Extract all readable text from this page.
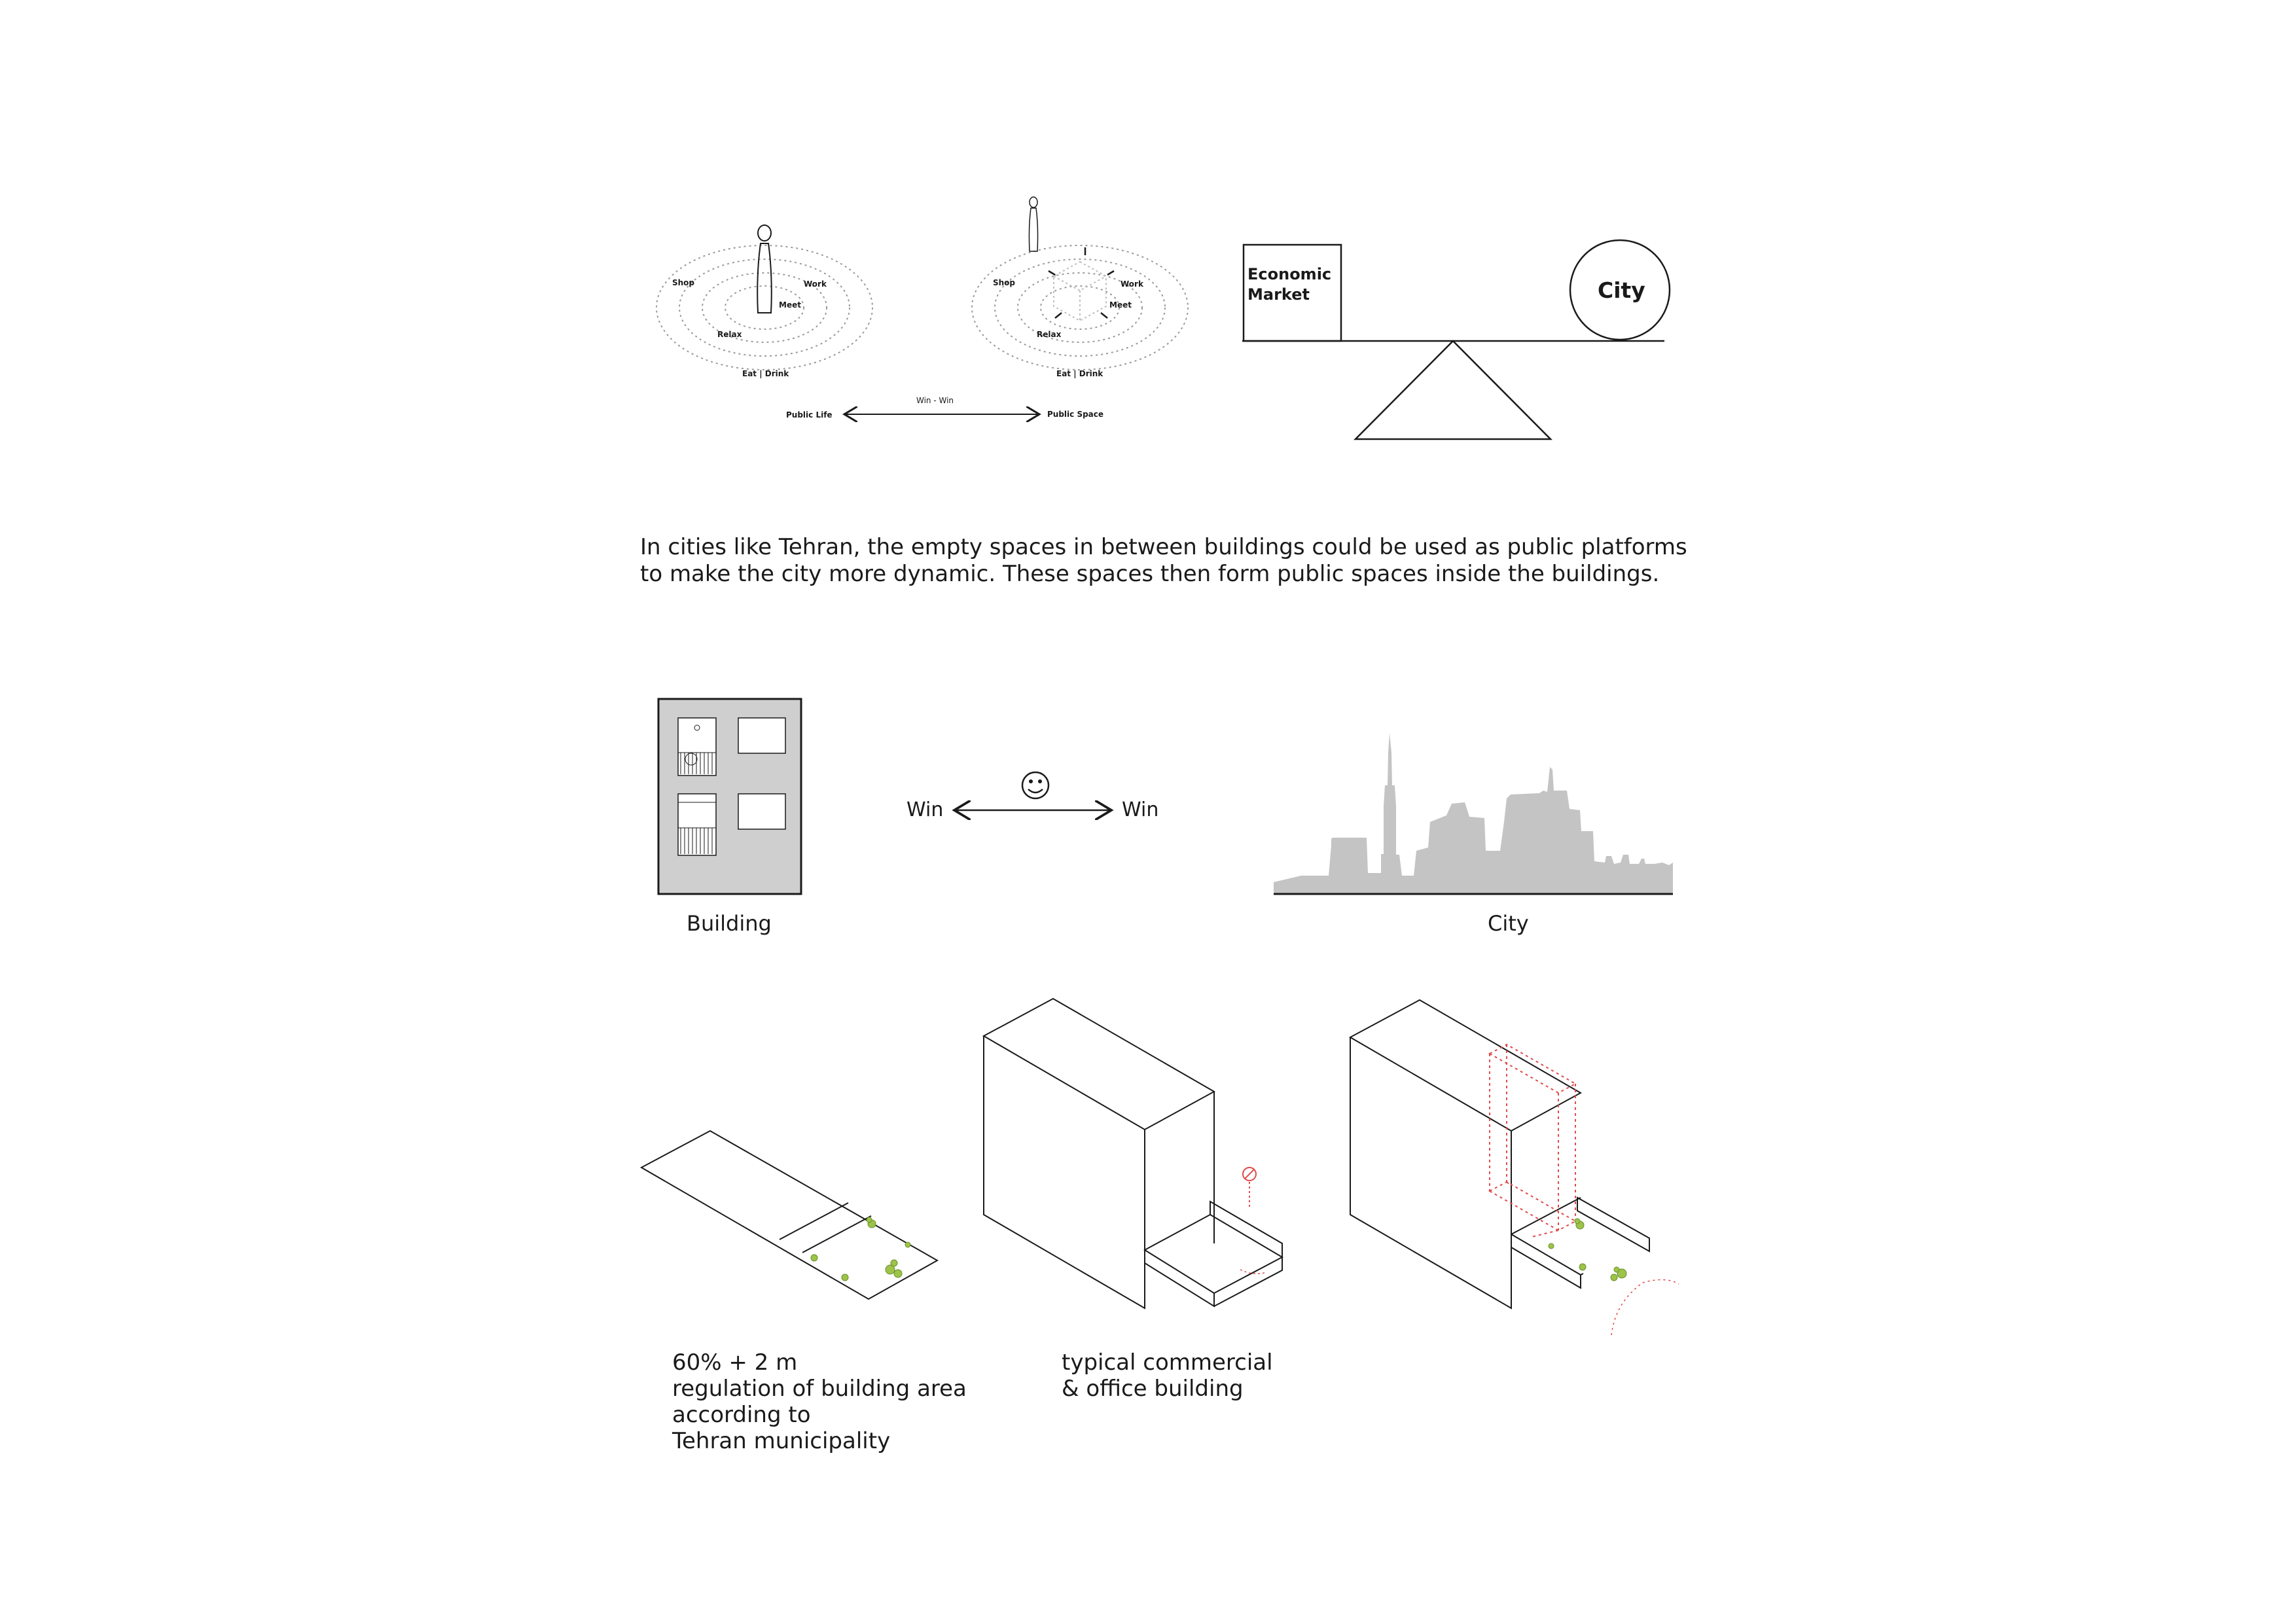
Shop	Work
Meet
Relax
Eat | Drink
Shop	Work
Meet
Relax
Eat | Drink
Win - Win
Public Life	Public Space
Economic
Market	City
Building
Win	Win
City

In cities like Tehran, the empty spaces in between buildings could be used as public platforms to make the city more dynamic. These spaces then form public spaces inside the buildings.

60% + 2 m
regulation of building area
according to
Tehran municipality

typical commercial
& office building
